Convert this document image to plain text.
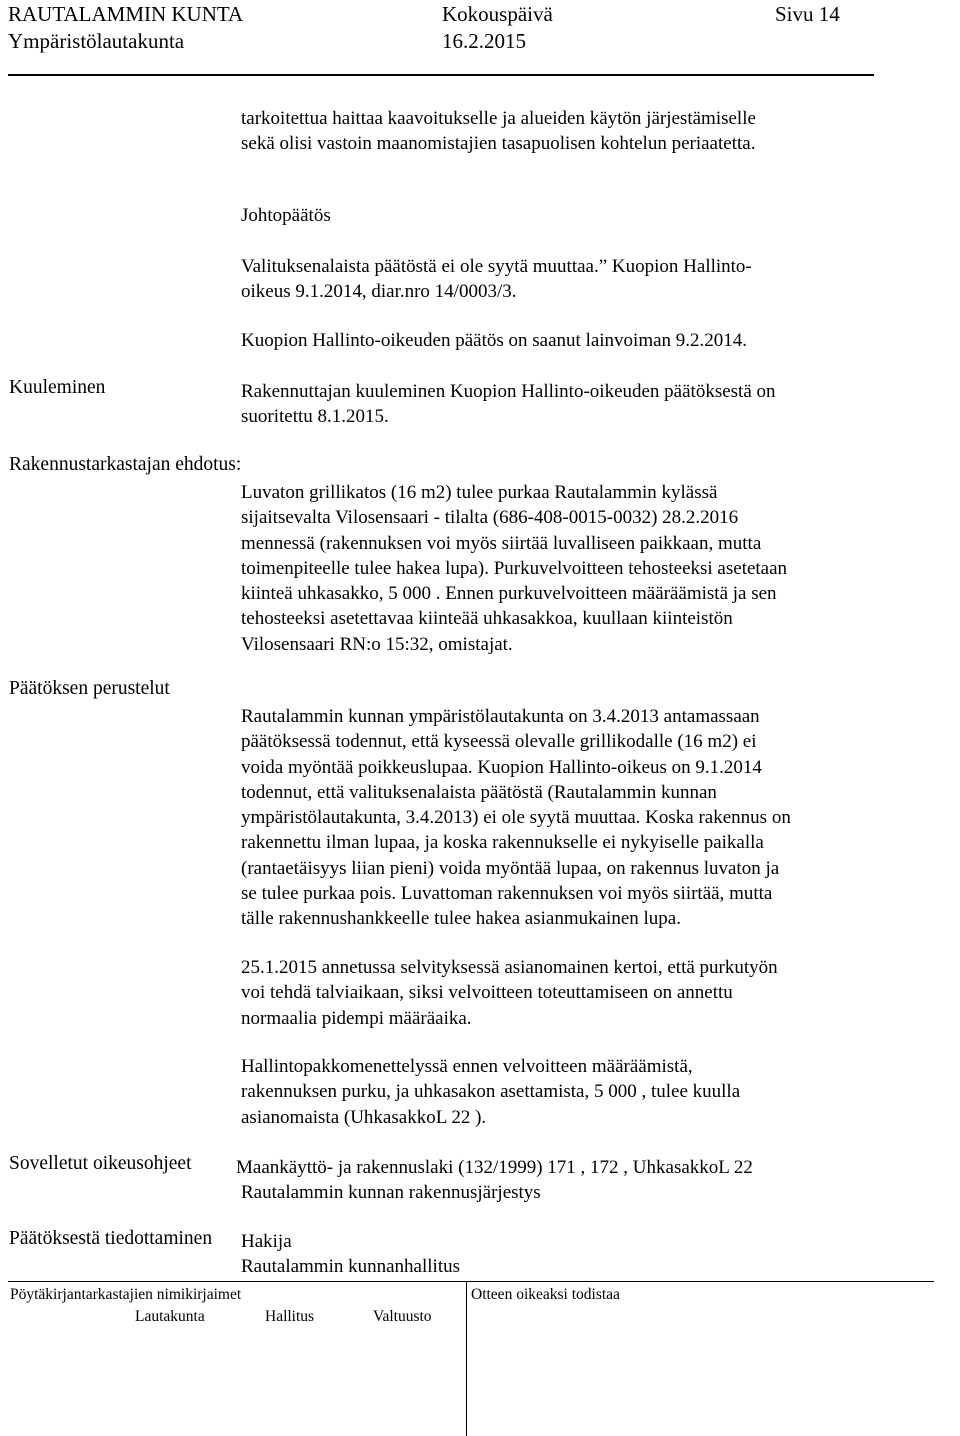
RAUTALAMMIN KUNTA	Kokouspäivä	Sivu 14
Ympäristölautakunta	16.2.2015

tarkoitettua haittaa kaavoitukselle ja alueiden käytön järjestämiselle

sekä olisi vastoin maanomistajien tasapuolisen kohtelun periaatetta.

Johtopäätös

Valituksenalaista päätöstä ei ole syytä muuttaa.” Kuopion Hallinto-

oikeus 9.1.2014, diar.nro 14/0003/3.

Kuopion Hallinto-oikeuden päätös on saanut lainvoiman 9.2.2014.
Kuuleminen	Rakennuttajan kuuleminen Kuopion Hallinto-oikeuden päätöksestä on

suoritettu 8.1.2015.

Rakennustarkastajan ehdotus:

Luvaton grillikatos (16 m2) tulee purkaa Rautalammin kylässä

sijaitsevalta Vilosensaari - tilalta (686-408-0015-0032) 28.2.2016

mennessä (rakennuksen voi myös siirtää luvalliseen paikkaan, mutta

toimenpiteelle tulee hakea lupa). Purkuvelvoitteen tehosteeksi asetetaan

kiinteä uhkasakko, 5 000 . Ennen purkuvelvoitteen määräämistä ja sen

tehosteeksi asetettavaa kiinteää uhkasakkoa, kuullaan kiinteistön

Vilosensaari RN:o 15:32, omistajat.

Päätöksen perustelut

Rautalammin kunnan ympäristölautakunta on 3.4.2013 antamassaan

päätöksessä todennut, että kyseessä olevalle grillikodalle (16 m2) ei

voida myöntää poikkeuslupaa. Kuopion Hallinto-oikeus on 9.1.2014

todennut, että valituksenalaista päätöstä (Rautalammin kunnan

ympäristölautakunta, 3.4.2013) ei ole syytä muuttaa. Koska rakennus on

rakennettu ilman lupaa, ja koska rakennukselle ei nykyiselle paikalla

(rantaetäisyys liian pieni) voida myöntää lupaa, on rakennus luvaton ja

se tulee purkaa pois. Luvattoman rakennuksen voi myös siirtää, mutta

tälle rakennushankkeelle tulee hakea asianmukainen lupa.

25.1.2015 annetussa selvityksessä asianomainen kertoi, että purkutyön

voi tehdä talviaikaan, siksi velvoitteen toteuttamiseen on annettu

normaalia pidempi määräaika.

Hallintopakkomenettelyssä ennen velvoitteen määräämistä,

rakennuksen purku, ja uhkasakon asettamista, 5 000 , tulee kuulla

asianomaista (UhkasakkoL 22 ).

Sovelletut oikeusohjeet Maankäyttö- ja rakennuslaki (132/1999) 171 , 172 , UhkasakkoL 22
Rautalammin kunnan rakennusjärjestys
Päätöksestä tiedottaminen Hakija

Rautalammin kunnanhallitus

Pöytäkirjantarkastajien nimikirjaimet	Otteen oikeaksi todistaa
Lautakunta	Hallitus	Valtuusto
